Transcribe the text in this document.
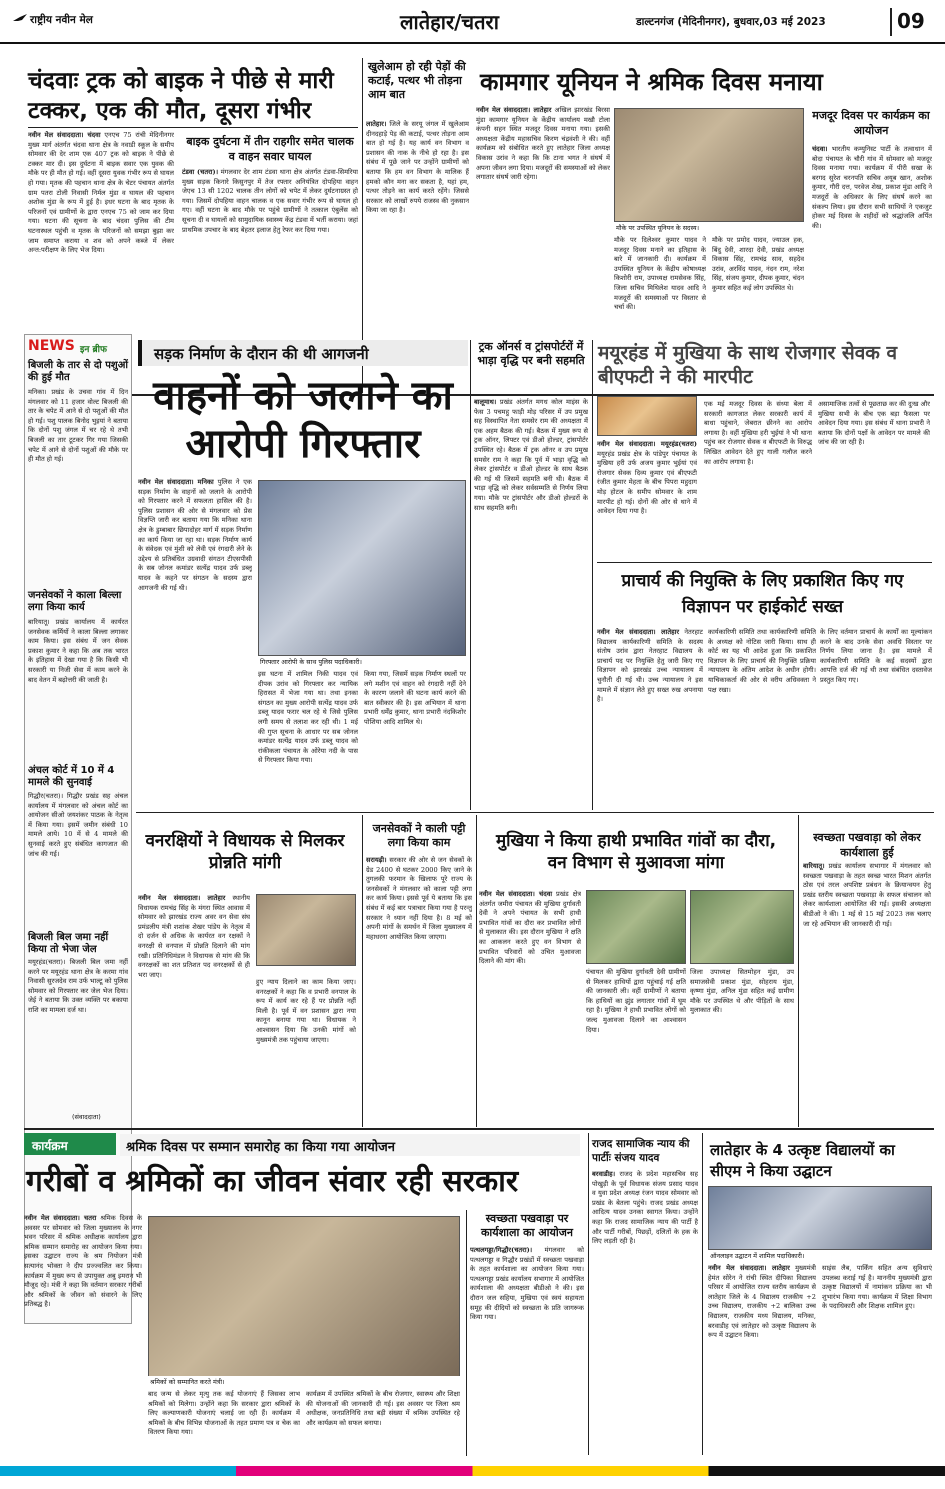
राष्ट्रीय नवीन मेल	लातेहार/चतरा	डाल्टनगंज (मेदिनीनगर), बुधवार,03 मई 2023	09
चंदवाः ट्रक को बाइक ने पीछे से मारी टक्कर, एक की मौत, दूसरा गंभीर
नवीन मेल संवाददाता। चंदवा एनएच 75 रांची मेदिनीनगर मुख्य मार्ग अंतर्गत चंदवा थाना क्षेत्र के नवाडी स्कूल के समीप सोमवार की देर शाम एक 407 ट्रक को बाइक ने पीछे से टक्कर मार दी। इस दुर्घटना में बाइक सवार एक युवक की मौके पर ही मौत हो गई। वहीं दूसरा युवक गंभीर रूप से घायल हो गया। मृतक की पहचान थाना क्षेत्र के चेटर पंचायत अंतर्गत ग्राम पतरा टोली निवासी निर्मल मुंडा व घायल की पहचान अशोक मुंडा के रूप में हुई है। इधर घटना के बाद मृतक के परिजनों एवं ग्रामीणों के द्वारा एनएच 75 को जाम कर दिया गया। घटना की सूचना के बाद चंदवा पुलिस की टीम घटनास्थल पहुंची व मृतक के परिजनों को समझा बुझा कर जाम समाप्त कराया व शव को अपने कब्जे में लेकर अन्त:परीक्षण के लिए भेज दिया।
बाइक दुर्घटना में तीन राहगीर समेत चालक व वाहन सवार घायल
टंडवा (चतरा)। मंगलवार देर शाम टंडवा थाना क्षेत्र अंतर्गत टंडवा-सिमरिया मुख्य सड़क किनारे किसुनपुर में तेज रफ्तार अनियंत्रित दोपहिया वाहन जेएच 13 सी 1202 चालक तीन लोगों को चपेट में लेकर दुर्घटनाग्रस्त हो गया। जिसमें दोपहिया वाहन चालक व एक सवार गंभीर रूप से घायल हो गए। वहीं घटना के बाद मौके पर पहुंचे ग्रामीणों ने तत्काल एंबुलेंस को सूचना दी व घायलों को सामुदायिक स्वास्थ्य केंद्र टंडवा में भर्ती कराया। जहां प्राथमिक उपचार के बाद बेहतर इलाज हेतु रेफर कर दिया गया।
खुलेआम हो रही पेड़ों की कटाई, पत्थर भी तोड़ना आम बात
लातेहार। जिले के सरयू जंगल में खुलेआम दीनदहाड़े पेड़ की कटाई, पत्थर तोड़ना आम बात हो गई है। यह कार्य वन विभाग व प्रशासन की नाक के नीचे हो रहा है। इस संबंध में पूछे जाने पर उन्होंने ग्रामीणों को बताया कि हम वन विभाग के मालिक हैं हमको कौन मना कर सकता है, यहां हम, पत्थर तोड़ने का कार्य करते रहेंगे। जिससे सरकार को लाखों रुपये राजस्व की नुकसान किया जा रहा है।
कामगार यूनियन ने श्रमिक दिवस मनाया
नवीन मेल संवाददाता। लातेहार अखिल झारखंड बिरसा मुंडा कामगार यूनियन के केंद्रीय कार्यालय मखौ टोला कंपनी सहन स्थित मजदूर दिवस मनाया गया। इसकी अध्यक्षता केंद्रीय महासचिव किरण चंद्रवंशी ने की। वहीं कार्यक्रम को संबोधित करते हुए लातेहार जिला अध्यक्ष विकास उरांव ने कहा कि कि टाना भगत ने संघर्ष में अपना जीवन लगा दिया। मजदूरों की समस्याओं को लेकर लगातार संघर्ष जारी रहेगा।
मौके पर उपस्थित यूनियन के सदस्य।
मौके पर दिलेश्वर कुमार यादव ने मजदूर दिवस मनाने का इतिहास के बारे में जानकारी दी। कार्यक्रम में उपस्थित यूनियन के केंद्रीय कोषाध्यक्ष किशोरी राम, उपाध्यक्ष रामसेवक सिंह, जिला सचिव मिथिलेश यादव आदि ने मजदूरों की समस्याओं पर विस्तार से चर्चा की।
मौके पर प्रमोद यादव, ज्याउल हक, बिंदु देवी, शारदा देवी, प्रखंड अध्यक्ष विकास सिंह, रामचंद्र साव, सहदेव उरांव, अरविंद यादव, नंदन राम, नरेश सिंह, संजय कुमार, दीपक कुमार, चंदन कुमार सहित कई लोग उपस्थित थे।
मजदूर दिवस पर कार्यक्रम का आयोजन
चंदवा। भारतीय कम्युनिस्ट पार्टी के तत्वाधान में बोदा पंचायत के चौरी गांव में सोमवार को मजदूर दिवस मनाया गया। कार्यक्रम में पीरी सखा के बरगद सुरेश चरनपति सचिव अयूब खान, अशोक कुमार, गौरी दत्त, परवेज शेख, प्रकाश मुंडा आदि ने मजदूरों के अधिकार के लिए संघर्ष करने का संकल्प लिया। इस दौरान सभी साथियों ने एकजुट होकर मई दिवस के शहीदों को श्रद्धांजलि अर्पित की।
NEWS इन ब्रीफ
बिजली के तार से दो पशुओं की हुई मौत
मनिका। प्रखंड के उचवा गांव में दिन मंगलवार को 11 हजार वोल्ट बिजली की तार के चपेट में आने से दो पशुओं की मौत हो गई। पशु पालक बिनोद भुइयां ने बताया कि दोनों पशु जंगल में चर रहे थे तभी बिजली का तार टूटकर गिर गया जिसकी चपेट में आने से दोनों पशुओं की मौके पर ही मौत हो गई।
जनसेवकों ने काला बिल्ला लगा किया कार्य
बारियातू। प्रखंड कार्यालय में कार्यरत जनसेवक कर्मियों ने काला बिल्ला लगाकर काम किया। इस संबंध में जन सेवक प्रकाश कुमार ने कहा कि अब तक भारत के इतिहास में देखा गया है कि किसी भी सरकारी या निजी सेवा में काम करने के बाद वेतन में बढ़ोत्तरी की जाती है।
अंचल कोर्ट में 10 में 4 मामले की सुनवाई
गिद्धौर(चतरा)। गिद्धौर प्रखंड सह अंचल कार्यालय में मंगलवार को अंचल कोर्ट का आयोजन सीओ जयशंकर पाठक के नेतृत्व में किया गया। इसमें जमीन संबंधी 10 मामले आये। 10 में से 4 मामले की सुनवाई करते हुए संबंधित कागजात की जांच की गई।
बिजली बिल जमा नहीं किया तो भेजा जेल
मयूरहंड(चतरा)। बिजली बिल जमा नहीं करने पर मयूरहंड थाना क्षेत्र के करमा गांव निवासी सुरजदेव राम उर्फ भाल्टू को पुलिस सोमवार को गिरफ्तार कर जेल भेज दिया। जेई ने बताया कि उक्त व्यक्ति पर बकाया राशि का मामला दर्ज था।
(संवाददाता)
सड़क निर्माण के दौरान की थी आगजनी
वाहनों को जलाने का आरोपी गिरफ्तार
नवीन मेल संवाददाता। मनिका पुलिस ने एक सड़क निर्माण के वाहनों को जलाने के आरोपी को गिरफ्तार करने में सफलता हासिल की है। पुलिस प्रशासन की ओर से मंगलवार को प्रेस विज्ञप्ति जारी कर बताया गया कि मनिका थाना क्षेत्र के डुम्बाबार छिपादोहर मार्ग में सड़क निर्माण का कार्य किया जा रहा था। सड़क निर्माण कार्य के संवेदक एवं मुंशी को लेवी एवं रंगदारी लेने के उद्देश्य से प्रतिबंधित उग्रवादी संगठन टीएसपीसी के सब जोनल कमांडर सत्येंद्र यादव उर्फ डब्लू यादव के कहने पर संगठन के सदस्य द्वारा आगजनी की गई थी।
गिरफ्तार आरोपी के साथ पुलिस पदाधिकारी।
इस घटना में शामिल निकी यादव एवं दीपक उरांव को गिरफ्तार कर न्यायिक हिरासत में भेजा गया था। तथा इनका संगठन का मुख्य आरोपी सत्येंद्र यादव उर्फ डब्लू यादव फरार चल रहे थे जिसे पुलिस लगी समय से तलाश कर रही थी। 1 मई की गुप्त सूचना के आधार पर सब जोनल कमांडर सत्येंद्र यादव उर्फ डब्लू यादव को रांकीकला पंचायत के ओरेया नदी के पास से गिरफ्तार किया गया।
किया गया, जिसमें सड़क निर्माण स्थलों पर लगे मशीन एवं वाहन को रंगदारी नहीं देने के कारण जलाने की घटना कार्य करने की बात स्वीकार की है। इस अभियान में थाना प्रभारी धर्मेंद्र कुमार, थाना प्रभारी नंदकिशोर पोशिया आदि शामिल थे।
ट्रक ऑनर्स व ट्रांसपोर्टरों में भाड़ा वृद्धि पर बनी सहमति
बालूमाथ। प्रखंड अंतर्गत मगध कोल माइंस के फेस 3 पचमहु फाड़ी मोड़ परिसर में उप प्रमुख सह विस्थापित नेता समसेर राम की अध्यक्षता में एक अहम बैठक की गई। बैठक में मुख्य रूप से ट्रक ऑनर, लिफ्टर एवं डीओ होल्डर, ट्रांसपोर्टर उपस्थित रहे। बैठक में ट्रक ऑनर व उप प्रमुख समसेर राम ने कहा कि पूर्व में भाड़ा वृद्धि को लेकर ट्रांसपोर्टर व डीओ होल्डर के साथ बैठक की गई थी जिसमें सहमति बनी थी। बैठक में भाड़ा वृद्धि को लेकर सर्वसम्मति से निर्णय लिया गया। मौके पर ट्रांसपोर्टर और डीओ होल्डरों के साथ सहमति बनी।
मयूरहंड में मुखिया के साथ रोजगार सेवक व बीएफटी ने की मारपीट
नवीन मेल संवाददाता। मयूरहंड(चतरा) मयूरहंड प्रखंड क्षेत्र के पांडेपुर पंचायत के मुखिया हरी उर्फ अजय कुमार भुईयां एवं रोजगार सेवक दिव्य कुमार एवं बीएफटी रंजीत कुमार मेहता के बीच पिपरा महुदाग मोड़ होटल के समीप सोमवार के शाम मारपीट हो गई। दोनों की ओर से थाने में आवेदन दिया गया है।
एक मई मजदूर दिवस के संध्या बेला में सरकारी कागजात लेकर सरकारी कार्य में बाधा पहुंचाने, जेबरात छीनने का आरोप लगाया है। वहीं मुखिया हरी भुईयां ने भी थाना पहुंच कर रोजगार सेवक व बीएफटी के विरुद्ध लिखित आवेदन देते हुए गाली गलौज करने का आरोप लगाया है।
असामाजिक तत्वों से पूछताछ कर की दुःख और मुखिया सभी के बीच एक बड़ा फैसला पर आवेदन दिया गया। इस संबंध में थाना प्रभारी ने बताया कि दोनों पक्षों के आवेदन पर मामले की जांच की जा रही है।
प्राचार्य की नियुक्ति के लिए प्रकाशित किए गए विज्ञापन पर हाईकोर्ट सख्त
नवीन मेल संवाददाता। लातेहार नेतरहाट विद्यालय कार्यकारिणी समिति के सदस्य संतोष उरांव द्वारा नेतरहाट विद्यालय के प्राचार्य पद पर नियुक्ति हेतु जारी किए गए विज्ञापन को झारखंड उच्च न्यायालय में चुनौती दी गई थी। उच्च न्यायालय ने इस मामले में संज्ञान लेते हुए सख्त रुख अपनाया है।
कार्यकारिणी समिति तथा कार्यकारिणी समिति के अध्यक्ष को नोटिस जारी किया। साथ ही कोर्ट का यह भी आदेश हुआ कि प्रकाशित विज्ञापन के लिए प्राचार्य की नियुक्ति प्रक्रिया न्यायालय के अंतिम आदेश के अधीन होगी। याचिकाकर्ता की ओर से वरीय अधिवक्ता ने पक्ष रखा।
के लिए वर्तमान प्राचार्य के कार्यों का मूल्यांकन करने के बाद उनके सेवा अवधि विस्तार पर निर्णय लिया जाना है। इस मामले में कार्यकारिणी समिति के कई सदस्यों द्वारा आपत्ति दर्ज की गई थी तथा संबंधित दस्तावेज प्रस्तुत किए गए।
वनरक्षियों ने विधायक से मिलकर प्रोन्नति मांगी
नवीन मेल संवाददाता। लातेहार स्थानीय विधायक रामचंद्र सिंह के मंगरा स्थित आवास में सोमवार को झारखंड राज्य अवर वन सेवा संघ प्रमंडलीय मंत्री शशांक शेखर पांडेय के नेतृत्व में दो दर्जन से अधिक के कार्यरत वन रक्षकों ने वनरक्षी से वनपाल में प्रोन्नति दिलाने की मांग रखी। प्रतिनिधिमंडल ने विधायक से मांग की कि वनरक्षकों का शत प्रतिशत पद वनरक्षकों से ही भरा जाए।
हुए न्याय दिलाने का काम किया जाए। वनरक्षकों ने कहा कि व प्रभारी वनपाल के रूप में कार्य कर रहे हैं पर प्रोन्नति नहीं मिली है। पूर्व में वन प्रशासन द्वारा नया कानून बनाया गया था। विधायक ने आश्वासन दिया कि उनकी मांगों को मुख्यमंत्री तक पहुंचाया जाएगा।
जनसेवकों ने काली पट्टी लगा किया काम
सरायढ़ी। सरकार की ओर से जन सेवकों के ग्रेड 2400 से घटकर 2000 किए जाने के तुगलकी फरमान के खिलाफ पूरे राज्य के जनसेवकों ने मंगलवार को काला पट्टी लगा कर कार्य किया। इससे पूर्व ये बताया कि इस संबंध में कई बार पत्राचार किया गया है परन्तु सरकार ने ध्यान नहीं दिया है। 8 मई को अपनी मांगों के समर्थन में जिला मुख्यालय में महाधरना आयोजित किया जाएगा।
मुखिया ने किया हाथी प्रभावित गांवों का दौरा, वन विभाग से मुआवजा मांगा
नवीन मेल संवाददाता। चंदवा प्रखंड क्षेत्र अंतर्गत जमीरा पंचायत की मुखिया दुर्गावती देवी ने अपने पंचायत के सभी हाथी प्रभावित गांवों का दौरा कर प्रभावित लोगों से मुलाकात की। इस दौरान मुखिया ने क्षति का आकलन करते हुए वन विभाग से प्रभावित परिवारों को उचित मुआवजा दिलाने की मांग की।
पंचायत की मुखिया दुर्गावती देवी ग्रामीणों से मिलकर हाथियों द्वारा पहुंचाई गई क्षति की जानकारी ली। वहीं ग्रामीणों ने बताया कि हाथियों का झुंड लगातार गांवों में घूम रहा है। मुखिया ने हाथी प्रभावित लोगों को जल्द मुआवजा दिलाने का आश्वासन दिया।
जिला उपाध्यक्ष सितमोहन मुंडा, उप समाजसेवी प्रकाश मुंडा, सोहराय मुंडा, कृष्णा मुंडा, अनिल मुंडा सहित कई ग्रामीण मौके पर उपस्थित थे और पीड़ितों के साथ मुलाकात की।
स्वच्छता पखवाड़ा को लेकर कार्यशाला हुई
बारियातू। प्रखंड कार्यालय सभागार में मंगलवार को स्वच्छता पखवाड़ा के तहत स्वच्छ भारत मिशन अंतर्गत ठोस एवं तरल अपशिष्ट प्रबंधन के क्रियान्वयन हेतु प्रखंड स्तरीय स्वच्छता पखवाड़ा के सफल संचालन को लेकर कार्यशाला आयोजित की गई। इसकी अध्यक्षता बीडीओ ने की। 1 मई से 15 मई 2023 तक चलाए जा रहे अभियान की जानकारी दी गई।
कार्यक्रम	श्रमिक दिवस पर सम्मान समारोह का किया गया आयोजन
गरीबों व श्रमिकों का जीवन संवार रही सरकार
नवीन मेल संवाददाता। चतरा श्रमिक दिवस के अवसर पर सोमवार को जिला मुख्यालय के नगर भवन परिसर में श्रमिक अधीक्षक कार्यालय द्वारा श्रमिक सम्मान समारोह का आयोजन किया गया। इसका उद्घाटन राज्य के श्रम नियोजन मंत्री सत्यानंद भोक्ता ने दीप प्रज्ज्वलित कर किया। कार्यक्रम में मुख्य रूप से उपायुक्त अबु इमरान भी मौजूद रहे। मंत्री ने कहा कि वर्तमान सरकार गरीबों और श्रमिकों के जीवन को संवारने के लिए प्रतिबद्ध है।
श्रमिकों को सम्मानित करते मंत्री।
बाद जन्म से लेकर मृत्यु तक कई योजनाएं हैं जिसका लाभ श्रमिकों को मिलेगा। उन्होंने कहा कि सरकार द्वारा श्रमिकों के लिए कल्याणकारी योजनाएं चलाई जा रही हैं। कार्यक्रम में श्रमिकों के बीच विभिन्न योजनाओं के तहत प्रमाण पत्र व चेक का वितरण किया गया।
कार्यक्रम में उपस्थित श्रमिकों के बीच रोजगार, स्वास्थ्य और शिक्षा की योजनाओं की जानकारी दी गई। इस अवसर पर जिला श्रम अधीक्षक, जनप्रतिनिधि तथा बड़ी संख्या में श्रमिक उपस्थित रहे और कार्यक्रम को सफल बनाया।
स्वच्छता पखवाड़ा पर कार्यशाला का आयोजन
पत्थलगड्डा/गिद्धौर(चतरा)। मंगलवार को पत्थलगड्डा व गिद्धौर प्रखंडों में स्वच्छता पखवाड़ा के तहत कार्यशाला का आयोजन किया गया। पत्थलगड्डा प्रखंड कार्यालय सभागार में आयोजित कार्यशाला की अध्यक्षता बीडीओ ने की। इस दौरान जल सहिया, मुखिया एवं स्वयं सहायता समूह की दीदियों को स्वच्छता के प्रति जागरूक किया गया।
राजद सामाजिक न्याय की पार्टीः संजय यादव
बरवाडीह। राजद के प्रदेश महासचिव सह पोखुड़ी के पूर्व विधायक संजय प्रसाद यादव व युवा प्रदेश अध्यक्ष रंजन यादव सोमवार को प्रखंड के बेतला पहुंचे। राजद प्रखंड अध्यक्ष आदित्य यादव उनका स्वागत किया। उन्होंने कहा कि राजद सामाजिक न्याय की पार्टी है और पार्टी गरीबों, पिछड़ों, दलितों के हक के लिए लड़ती रही है।
लातेहार के 4 उत्कृष्ट विद्यालयों का सीएम ने किया उद्घाटन
ऑनलाइन उद्घाटन में शामिल पदाधिकारी।
नवीन मेल संवाददाता। लातेहार मुख्यमंत्री हेमंत सोरेन ने रांची स्थित दीपिका विद्यालय परिसर में आयोजित राज्य स्तरीय कार्यक्रम से लातेहार जिले के 4 विद्यालय राजकीय +2 उच्च विद्यालय, राजकीय +2 बालिका उच्च विद्यालय, राजकीय मध्य विद्यालय, मनिका, बरवाडीह एवं लातेहार को उत्कृष्ट विद्यालय के रूप में उद्घाटन किया।
साइंस लैब, पार्किंग सहित अन्य सुविधाएं उपलब्ध कराई गई है। माननीय मुख्यमंत्री द्वारा उत्कृष्ट विद्यालयों में नामांकन प्रक्रिया का भी शुभारंभ किया गया। कार्यक्रम में शिक्षा विभाग के पदाधिकारी और शिक्षक शामिल हुए।
